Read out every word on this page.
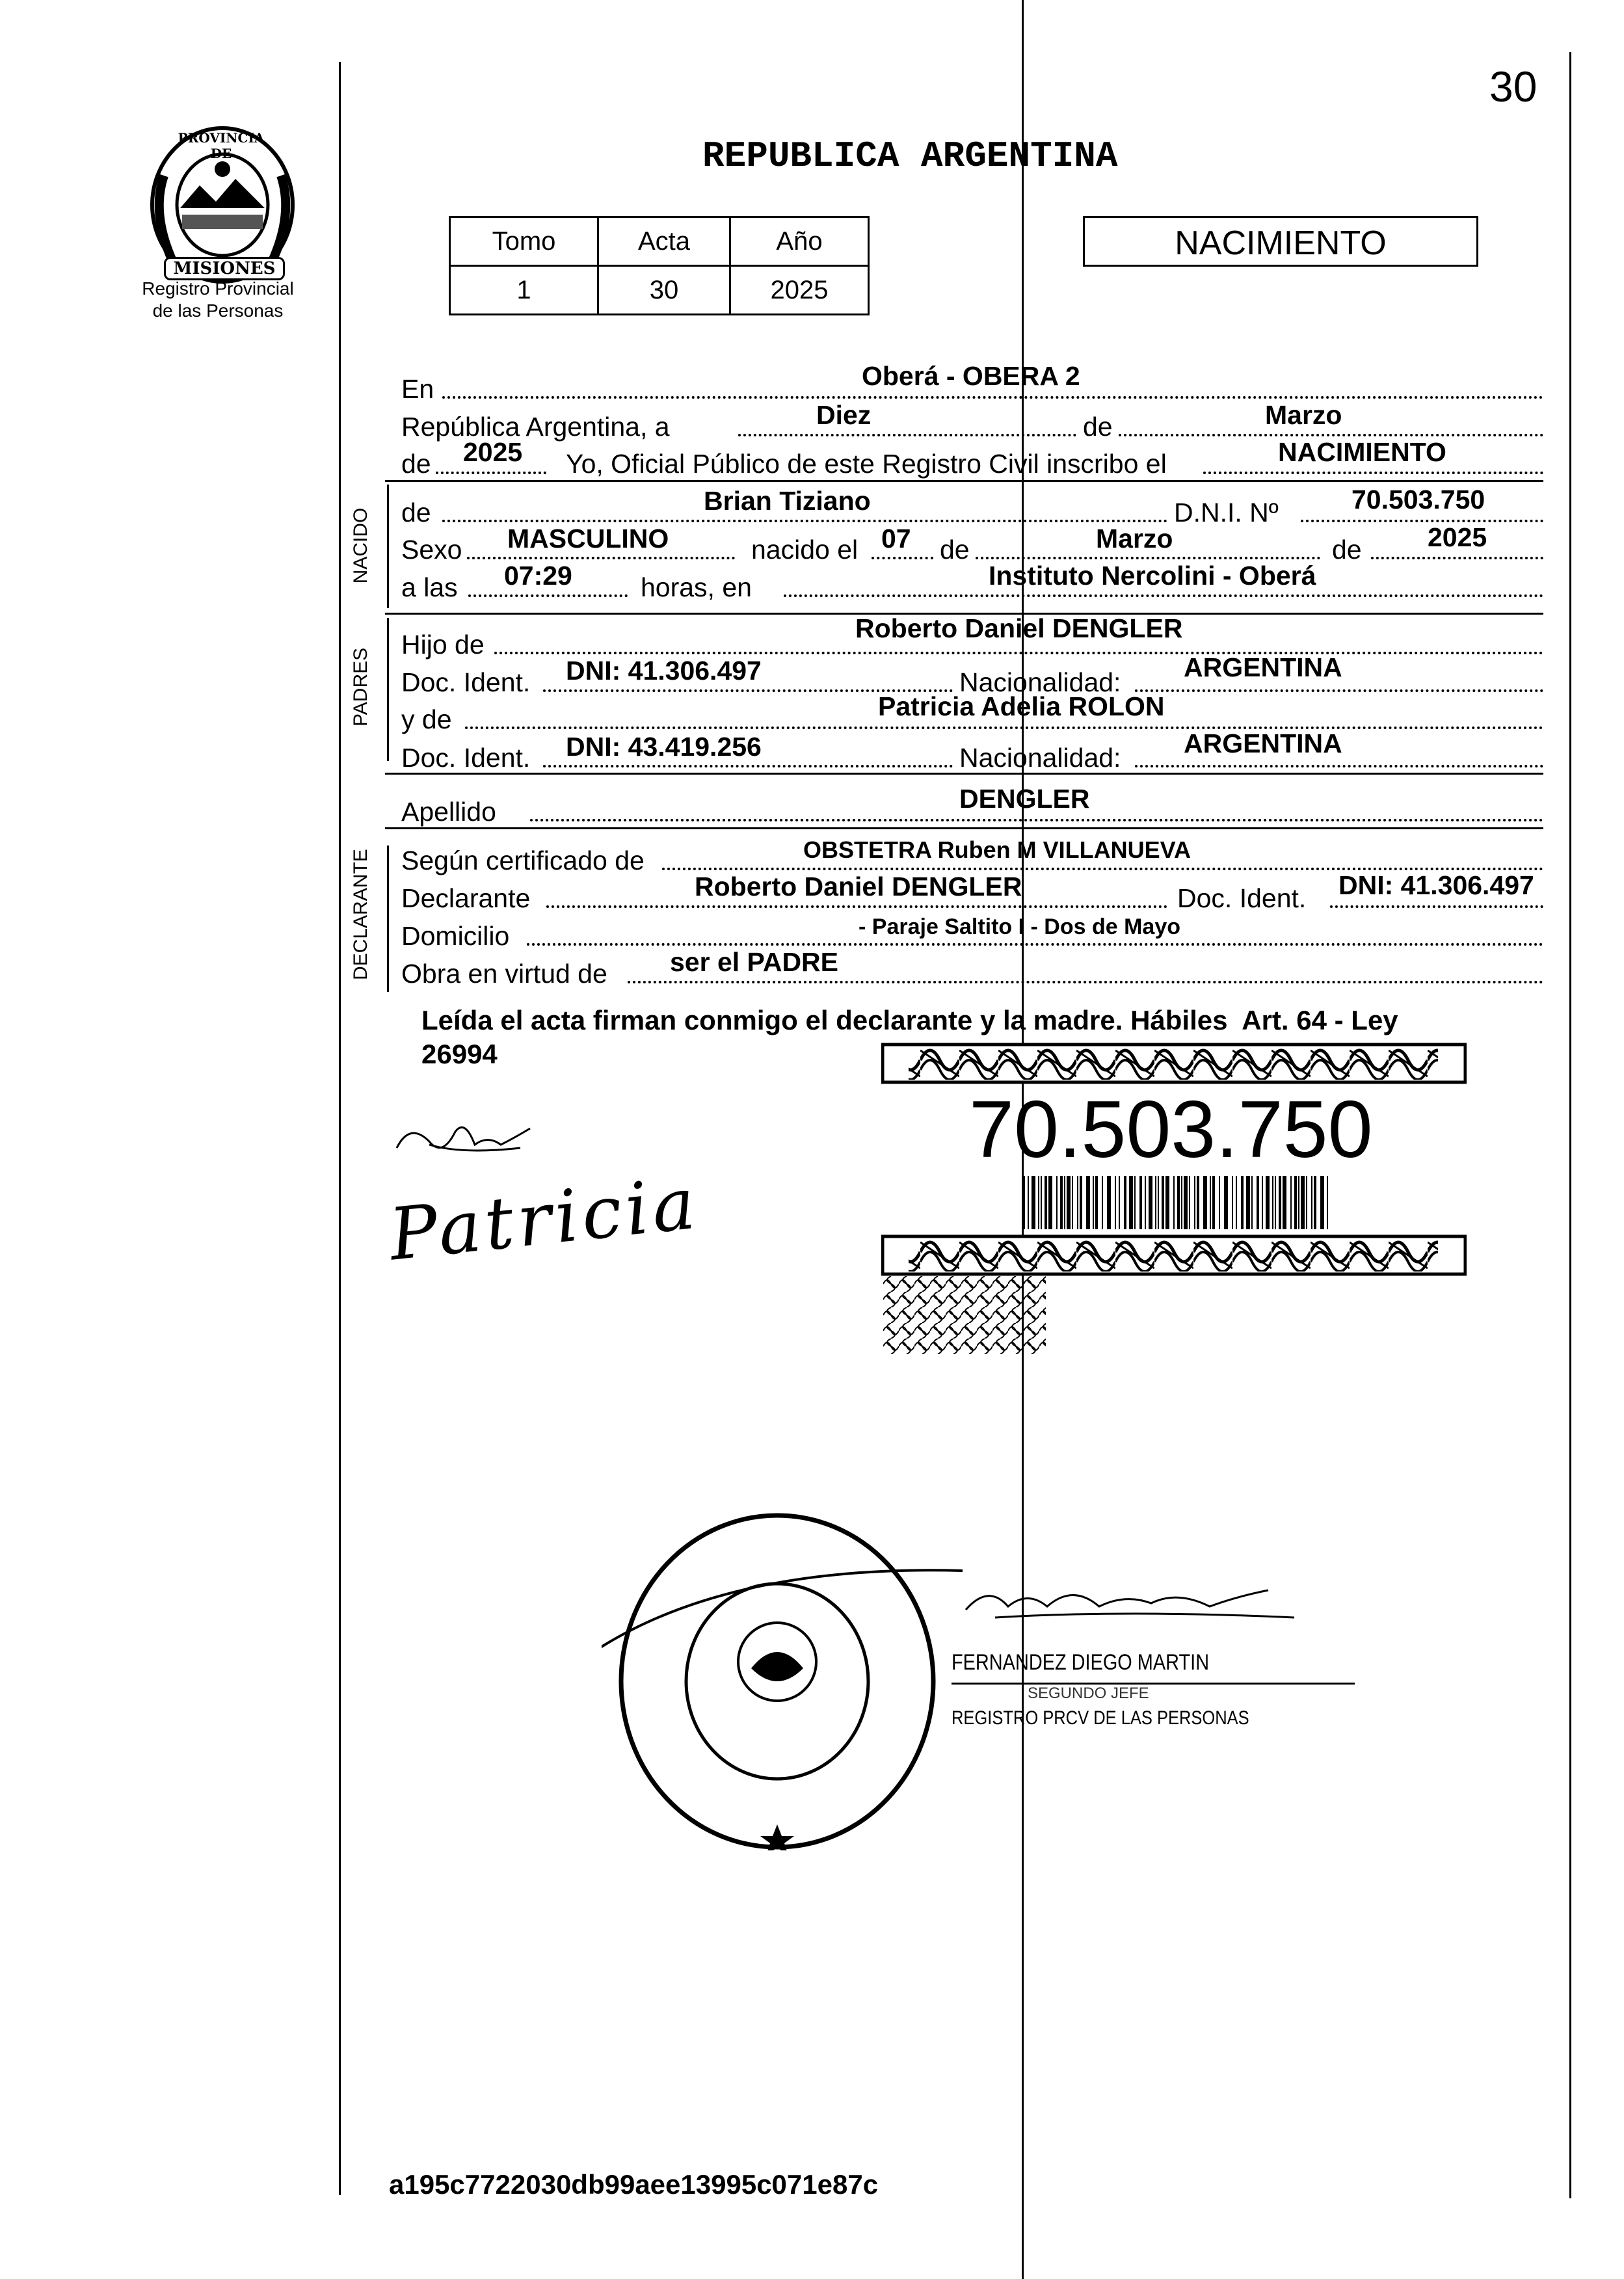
30
PROVINCIA DE
MISIONES
Registro Provincial
de las Personas
REPUBLICA ARGENTINA
Tomo	Acta	Año
1	30	2025
NACIMIENTO
En	Oberá - OBERA 2
República Argentina, a	Diez	de	Marzo
de 2025 Yo, Oficial Público de este Registro Civil inscribo el	NACIMIENTO
NACIDO de	Brian Tiziano	D.N.I. Nº	70.503.750
Sexo MASCULINO	nacido el 07 de	Marzo	de 2025
a las 07:29	horas, en	Instituto Nercolini - Oberá
PADRES
Hijo de
Roberto Daniel DENGLER
Doc. Ident. DNI: 41.306.497	Nacionalidad: ARGENTINA
y de	Patricia Adelia ROLON
Doc. Ident. DNI: 43.419.256	Nacionalidad: ARGENTINA
Apellido	DENGLER
DECLARANTE Según certificado de	OBSTETRA Ruben M VILLANUEVA
Declarante	Roberto Daniel DENGLER	Doc. Ident. DNI: 41.306.497
Domicilio	- Paraje Saltito I - Dos de Mayo
Obra en virtud de ser el PADRE
Leída el acta firman conmigo el declarante y la madre. Hábiles  Art. 64 - Ley
26994
70.503.750
Patricia
FERNANDEZ DIEGO MARTIN
SEGUNDO JEFE
REGISTRO PRCV DE LAS PERSONAS
a195c7722030db99aee13995c071e87c
